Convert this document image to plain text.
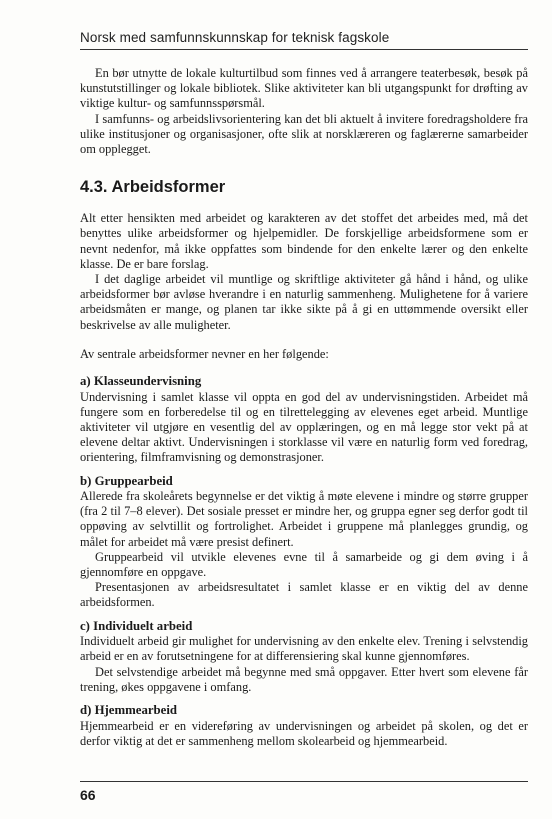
Norsk med samfunnskunnskap for teknisk fagskole

En bør utnytte de lokale kulturtilbud som finnes ved å arrangere teaterbesøk, besøk på kunstutstillinger og lokale bibliotek. Slike aktiviteter kan bli utgangspunkt for drøfting av viktige kultur- og samfunnsspørsmål.

I samfunns- og arbeidslivsorientering kan det bli aktuelt å invitere foredragsholdere fra ulike institusjoner og organisasjoner, ofte slik at norsklæreren og faglærerne samarbeider om opplegget.

4.3. Arbeidsformer

Alt etter hensikten med arbeidet og karakteren av det stoffet det arbeides med, må det benyttes ulike arbeidsformer og hjelpemidler. De forskjellige arbeidsformene som er nevnt nedenfor, må ikke oppfattes som bindende for den enkelte lærer og den enkelte klasse. De er bare forslag.

I det daglige arbeidet vil muntlige og skriftlige aktiviteter gå hånd i hånd, og ulike arbeidsformer bør avløse hverandre i en naturlig sammenheng. Mulighetene for å variere arbeidsmåten er mange, og planen tar ikke sikte på å gi en uttømmende oversikt eller beskrivelse av alle muligheter.

Av sentrale arbeidsformer nevner en her følgende:

a) Klasseundervisning

Undervisning i samlet klasse vil oppta en god del av undervisningstiden. Arbeidet må fungere som en forberedelse til og en tilrettelegging av elevenes eget arbeid. Muntlige aktiviteter vil utgjøre en vesentlig del av opplæringen, og en må legge stor vekt på at elevene deltar aktivt. Undervisningen i storklasse vil være en naturlig form ved foredrag, orientering, filmframvisning og demonstrasjoner.

b) Gruppearbeid

Allerede fra skoleårets begynnelse er det viktig å møte elevene i mindre og større grupper (fra 2 til 7–8 elever). Det sosiale presset er mindre her, og gruppa egner seg derfor godt til oppøving av selvtillit og fortrolighet. Arbeidet i gruppene må planlegges grundig, og målet for arbeidet må være presist definert.

Gruppearbeid vil utvikle elevenes evne til å samarbeide og gi dem øving i å gjennomføre en oppgave.

Presentasjonen av arbeidsresultatet i samlet klasse er en viktig del av denne arbeidsformen.

c) Individuelt arbeid

Individuelt arbeid gir mulighet for undervisning av den enkelte elev. Trening i selvstendig arbeid er en av forutsetningene for at differensiering skal kunne gjennomføres.

Det selvstendige arbeidet må begynne med små oppgaver. Etter hvert som elevene får trening, økes oppgavene i omfang.

d) Hjemmearbeid

Hjemmearbeid er en videreføring av undervisningen og arbeidet på skolen, og det er derfor viktig at det er sammenheng mellom skolearbeid og hjemmearbeid.

66
